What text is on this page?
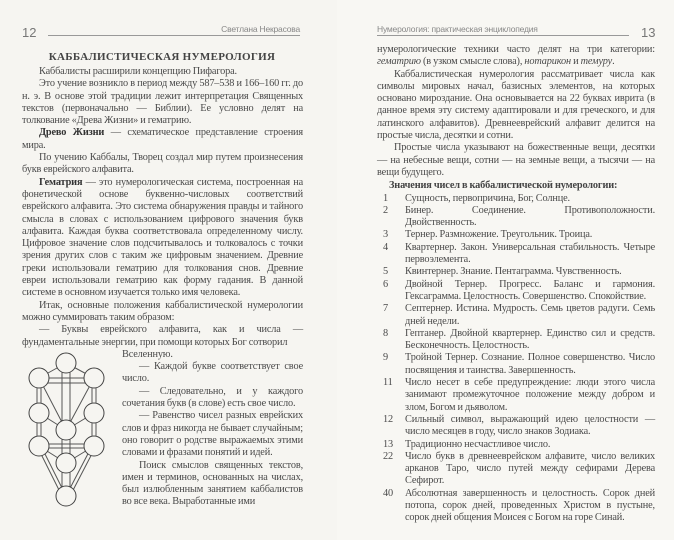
12	Светлана Некрасова
КАББАЛИСТИЧЕСКАЯ НУМЕРОЛОГИЯ

Каббалисты расширили концепцию Пифагора.

Это учение возникло в период между 587–538 и 166–160 гг. до н. э. В основе этой традиции лежит интерпретация Священных текстов (первоначально — Библии). Ее условно делят на толкование «Древа Жизни» и гематрию.

Древо Жизни — схематическое представление строения мира.

По учению Каббалы, Творец создал мир путем произнесения букв еврейского алфавита.

Гематрия — это нумерологическая система, построенная на фонетической основе буквенно-числовых соответствий еврейского алфавита. Это система обнаружения правды и тайного смысла в словах с использованием цифрового значения букв алфавита. Каждая буква соответствовала определенному числу. Цифровое значение слов подсчитывалось и толковалось с точки зрения других слов с таким же цифровым значением. Древние греки использовали гематрию для толкования снов. Древние евреи использовали гематрию как форму гадания. В данной системе в основном изучается только имя человека.

Итак, основные положения каббалистической нумерологии можно суммировать таким образом:

— Буквы еврейского алфавита, как и числа — фундаментальные энергии, при помощи которых Бог сотворил

Вселенную.

— Каждой букве соответствует свое число.

— Следовательно, и у каждого сочетания букв (в слове) есть свое число.

— Равенство чисел разных еврейских слов и фраз никогда не бывает случайным; оно говорит о родстве выражаемых этими словами и фразами понятий и идей.

Поиск смыслов священных текстов, имен и терминов, основанных на числах, был излюбленным занятием каббалистов во все века. Выработанные ими

Нумерология: практическая энциклопедия	13

нумерологические техники часто делят на три категории: гематрию (в узком смысле слова), нотарикон и темуру.

Каббалистическая нумерология рассматривает числа как символы мировых начал, базисных элементов, на которых основано мироздание. Она основывается на 22 буквах иврита (в данное время эту систему адаптировали и для греческого, и для латинского алфавитов). Древнееврейский алфавит делится на простые числа, десятки и сотни.

Простые числа указывают на божественные вещи, десятки — на небесные вещи, сотни — на земные вещи, а тысячи — на вещи будущего.

Значения чисел в каббалистической нумерологии:
1	Сущность, первопричина, Бог, Солнце.
2	Бинер. Соединение. Противоположности. Двойственность.
3	Тернер. Размножение. Треугольник. Троица.
4	Квартернер. Закон. Универсальная стабильность. Четыре первоэлемента.
5	Квинтернер. Знание. Пентаграмма. Чувственность.
6	Двойной Тернер. Прогресс. Баланс и гармония. Гексаграмма. Целостность. Совершенство. Спокойствие.
7	Септернер. Истина. Мудрость. Семь цветов радуги. Семь дней недели.
8	Гептанер. Двойной квартернер. Единство сил и средств. Бесконечность. Целостность.
9	Тройной Тернер. Сознание. Полное совершенство. Число посвящения и таинства. Завершенность.
11	Число несет в себе предупреждение: люди этого числа занимают промежуточное положение между добром и злом, Богом и дьяволом.
12	Сильный символ, выражающий идею целостности — число месяцев в году, число знаков Зодиака.
13	Традиционно несчастливое число.
22	Число букв в древнееврейском алфавите, число великих арканов Таро, число путей между сефирами Дерева Сефирот.
40	Абсолютная завершенность и целостность. Сорок дней потопа, сорок дней, проведенных Христом в пустыне, сорок дней общения Моисея с Богом на горе Синай.
